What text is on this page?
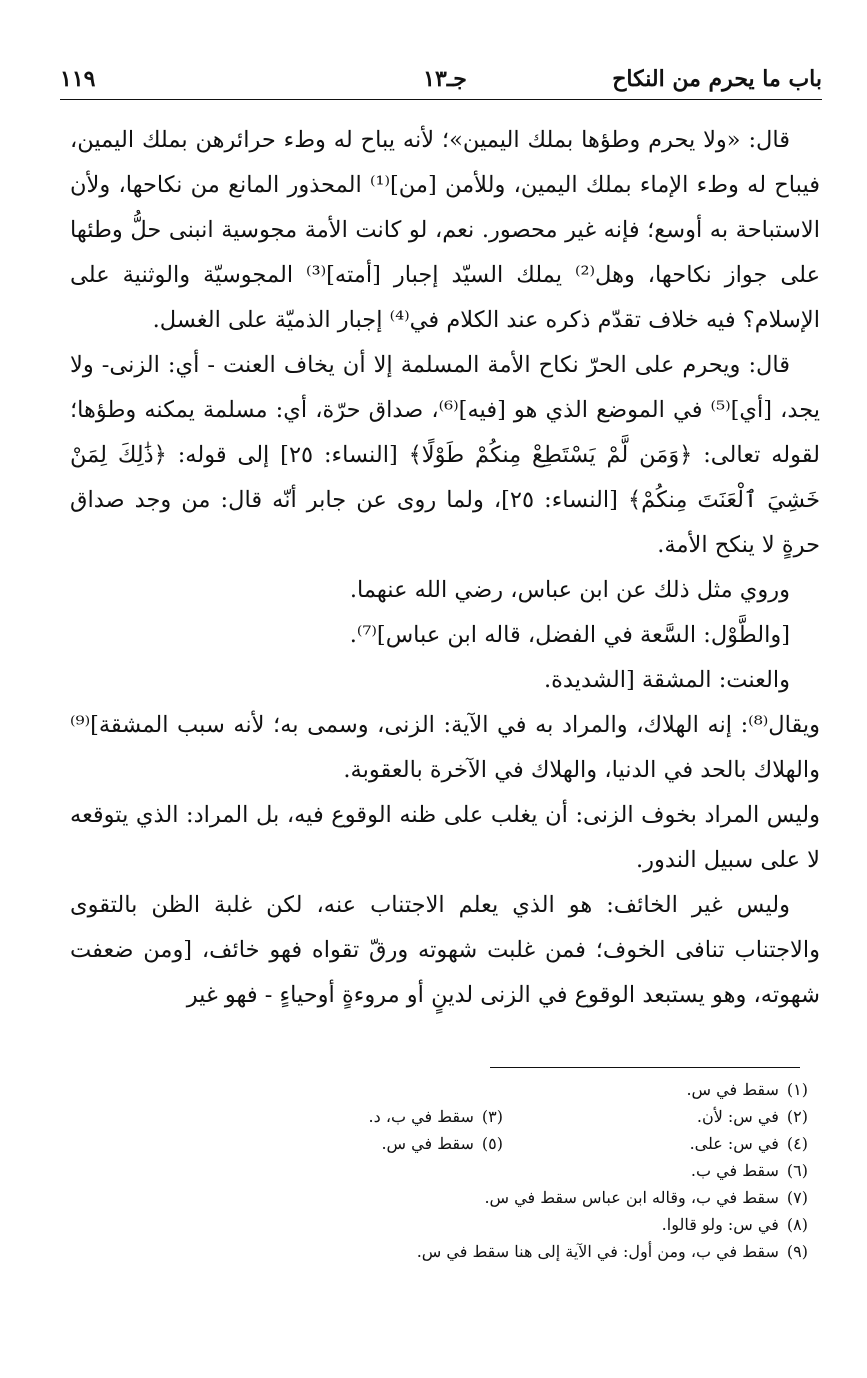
باب ما يحرم من النكاح
جـ١٣
١١٩

قال: «ولا يحرم وطؤها بملك اليمين»؛ لأنه يباح له وطء حرائرهن بملك اليمين، فيباح له وطء الإماء بملك اليمين، وللأمن [من]⁽¹⁾ المحذور المانع من نكاحها، ولأن الاستباحة به أوسع؛ فإنه غير محصور. نعم، لو كانت الأمة مجوسية انبنى حلُّ وطئها على جواز نكاحها، وهل⁽²⁾ يملك السيّد إجبار [أمته]⁽³⁾ المجوسيّة والوثنية على الإسلام؟ فيه خلاف تقدّم ذكره عند الكلام في⁽⁴⁾ إجبار الذميّة على الغسل.

قال: ويحرم على الحرّ نكاح الأمة المسلمة إلا أن يخاف العنت - أي: الزنى- ولا يجد، [أي]⁽⁵⁾ في الموضع الذي هو [فيه]⁽⁶⁾، صداق حرّة، أي: مسلمة يمكنه وطؤها؛ لقوله تعالى: ﴿وَمَن لَّمْ يَسْتَطِعْ مِنكُمْ طَوْلًا﴾ [النساء: ٢٥] إلى قوله: ﴿ذَٰلِكَ لِمَنْ خَشِيَ ٱلْعَنَتَ مِنكُمْ﴾ [النساء: ٢٥]، ولما روى عن جابر أنّه قال: من وجد صداق حرةٍ لا ينكح الأمة.

وروي مثل ذلك عن ابن عباس، رضي الله عنهما.

[والطَّوْل: السَّعة في الفضل، قاله ابن عباس]⁽⁷⁾.

والعنت: المشقة [الشديدة.

ويقال⁽⁸⁾: إنه الهلاك، والمراد به في الآية: الزنى، وسمى به؛ لأنه سبب المشقة]⁽⁹⁾ والهلاك بالحد في الدنيا، والهلاك في الآخرة بالعقوبة.

وليس المراد بخوف الزنى: أن يغلب على ظنه الوقوع فيه، بل المراد: الذي يتوقعه لا على سبيل الندور.

وليس غير الخائف: هو الذي يعلم الاجتناب عنه، لكن غلبة الظن بالتقوى والاجتناب تنافى الخوف؛ فمن غلبت شهوته ورقّ تقواه فهو خائف، [ومن ضعفت شهوته، وهو يستبعد الوقوع في الزنى لدينٍ أو مروءةٍ أوحياءٍ - فهو غير

(١)سقط في س.
(٢)في س: لأن.
(٣)سقط في ب، د.
(٤)في س: على.
(٥)سقط في س.
(٦)سقط في ب.
(٧)سقط في ب، وقاله ابن عباس سقط في س.
(٨)في س: ولو قالوا.
(٩)سقط في ب، ومن أول: في الآية إلى هنا سقط في س.
